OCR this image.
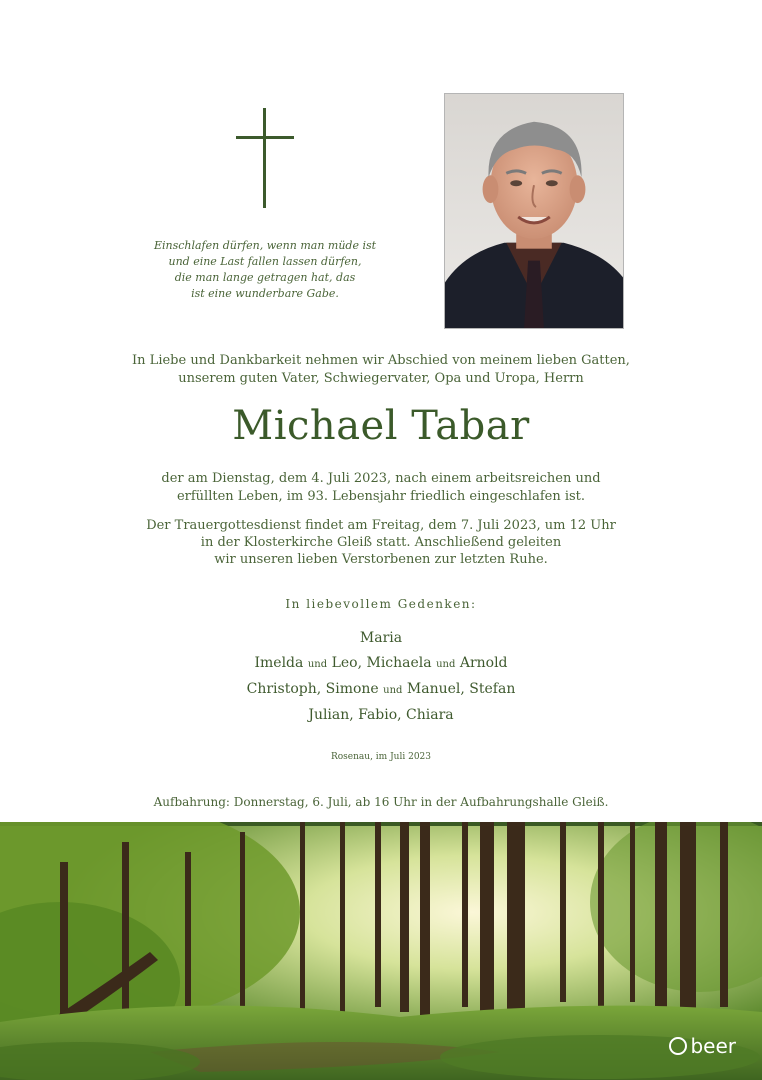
Einschlafen dürfen, wenn man müde ist
und eine Last fallen lassen dürfen,
die man lange getragen hat, das
ist eine wunderbare Gabe.
In Liebe und Dankbarkeit nehmen wir Abschied von meinem lieben Gatten,
unserem guten Vater, Schwiegervater, Opa und Uropa, Herrn
Michael Tabar
der am Dienstag, dem 4. Juli 2023, nach einem arbeitsreichen und
erfüllten Leben, im 93. Lebensjahr friedlich eingeschlafen ist.
Der Trauergottesdienst findet am Freitag, dem 7. Juli 2023, um 12 Uhr
in der Klosterkirche Gleiß statt. Anschließend geleiten
wir unseren lieben Verstorbenen zur letzten Ruhe.
In liebevollem Gedenken:
Maria
Imelda und Leo, Michaela und Arnold
Christoph, Simone und Manuel, Stefan
Julian, Fabio, Chiara
Rosenau, im Juli 2023
Aufbahrung: Donnerstag, 6. Juli, ab 16 Uhr in der Aufbahrungshalle Gleiß.
beer
